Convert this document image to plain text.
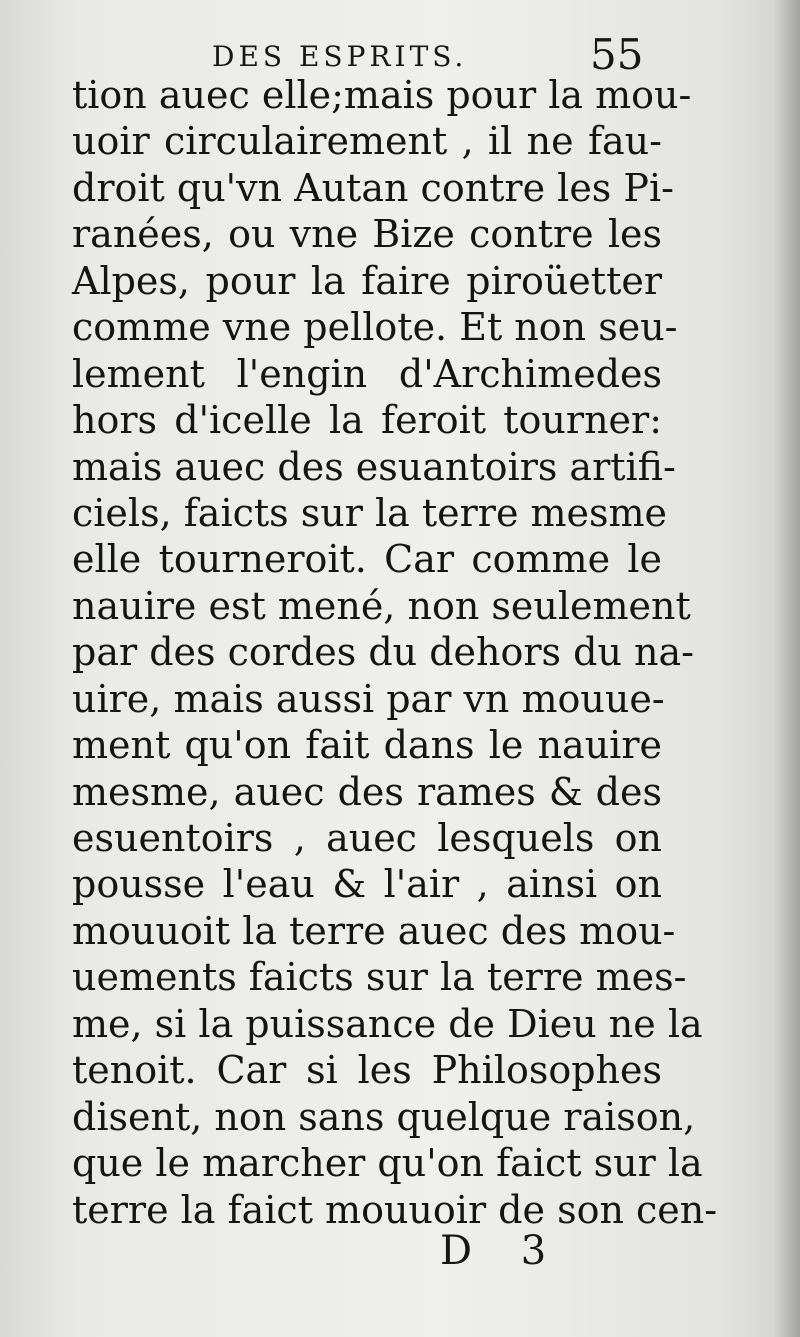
DES ESPRITS.	55
tion auec elle;mais pour la mou-
uoir circulairement , il ne fau-
droit qu'vn Autan contre les Pi-
ranées, ou vne Bize contre les
Alpes, pour la faire piroüetter
comme vne pellote. Et non seu-
lement l'engin d'Archimedes
hors d'icelle la feroit tourner:
mais auec des esuantoirs artifi-
ciels, faicts sur la terre mesme
elle tourneroit. Car comme le
nauire est mené, non seulement
par des cordes du dehors du na-
uire, mais aussi par vn mouue-
ment qu'on fait dans le nauire
mesme, auec des rames & des
esuentoirs , auec lesquels on
pousse l'eau & l'air , ainsi on
mouuoit la terre auec des mou-
uements faicts sur la terre mes-
me, si la puissance de Dieu ne la
tenoit. Car si les Philosophes
disent, non sans quelque raison,
que le marcher qu'on faict sur la
terre la faict mouuoir de son cen-
D 3
